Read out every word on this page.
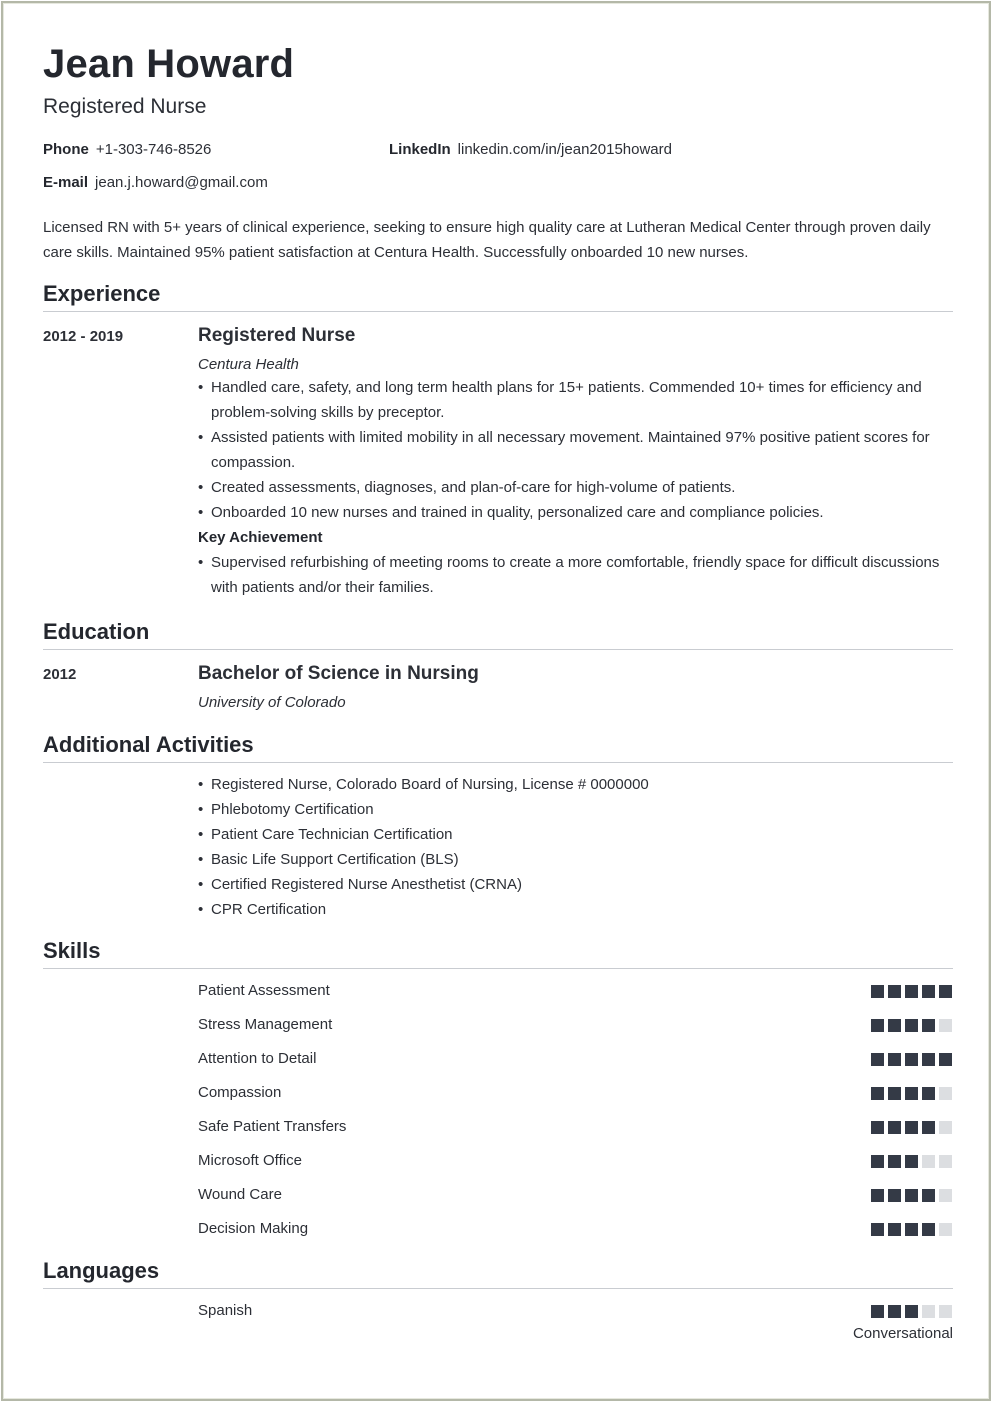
Jean Howard
Registered Nurse
Phone +1-303-746-8526	LinkedIn linkedin.com/in/jean2015howard
E-mail jean.j.howard@gmail.com
Licensed RN with 5+ years of clinical experience, seeking to ensure high quality care at Lutheran Medical Center through proven daily care skills. Maintained 95% patient satisfaction at Centura Health. Successfully onboarded 10 new nurses.
Experience
2012 - 2019	Registered Nurse
Centura Health
• Handled care, safety, and long term health plans for 15+ patients. Commended 10+ times for efficiency and problem-solving skills by preceptor.
• Assisted patients with limited mobility in all necessary movement. Maintained 97% positive patient scores for compassion.
• Created assessments, diagnoses, and plan-of-care for high-volume of patients.
• Onboarded 10 new nurses and trained in quality, personalized care and compliance policies.
Key Achievement
• Supervised refurbishing of meeting rooms to create a more comfortable, friendly space for difficult discussions with patients and/or their families.
Education
2012	Bachelor of Science in Nursing
University of Colorado
Additional Activities
• Registered Nurse, Colorado Board of Nursing, License # 0000000
• Phlebotomy Certification
• Patient Care Technician Certification
• Basic Life Support Certification (BLS)
• Certified Registered Nurse Anesthetist (CRNA)
• CPR Certification
Skills
Patient Assessment
Stress Management
Attention to Detail
Compassion
Safe Patient Transfers
Microsoft Office
Wound Care
Decision Making
Languages
Spanish
Conversational
